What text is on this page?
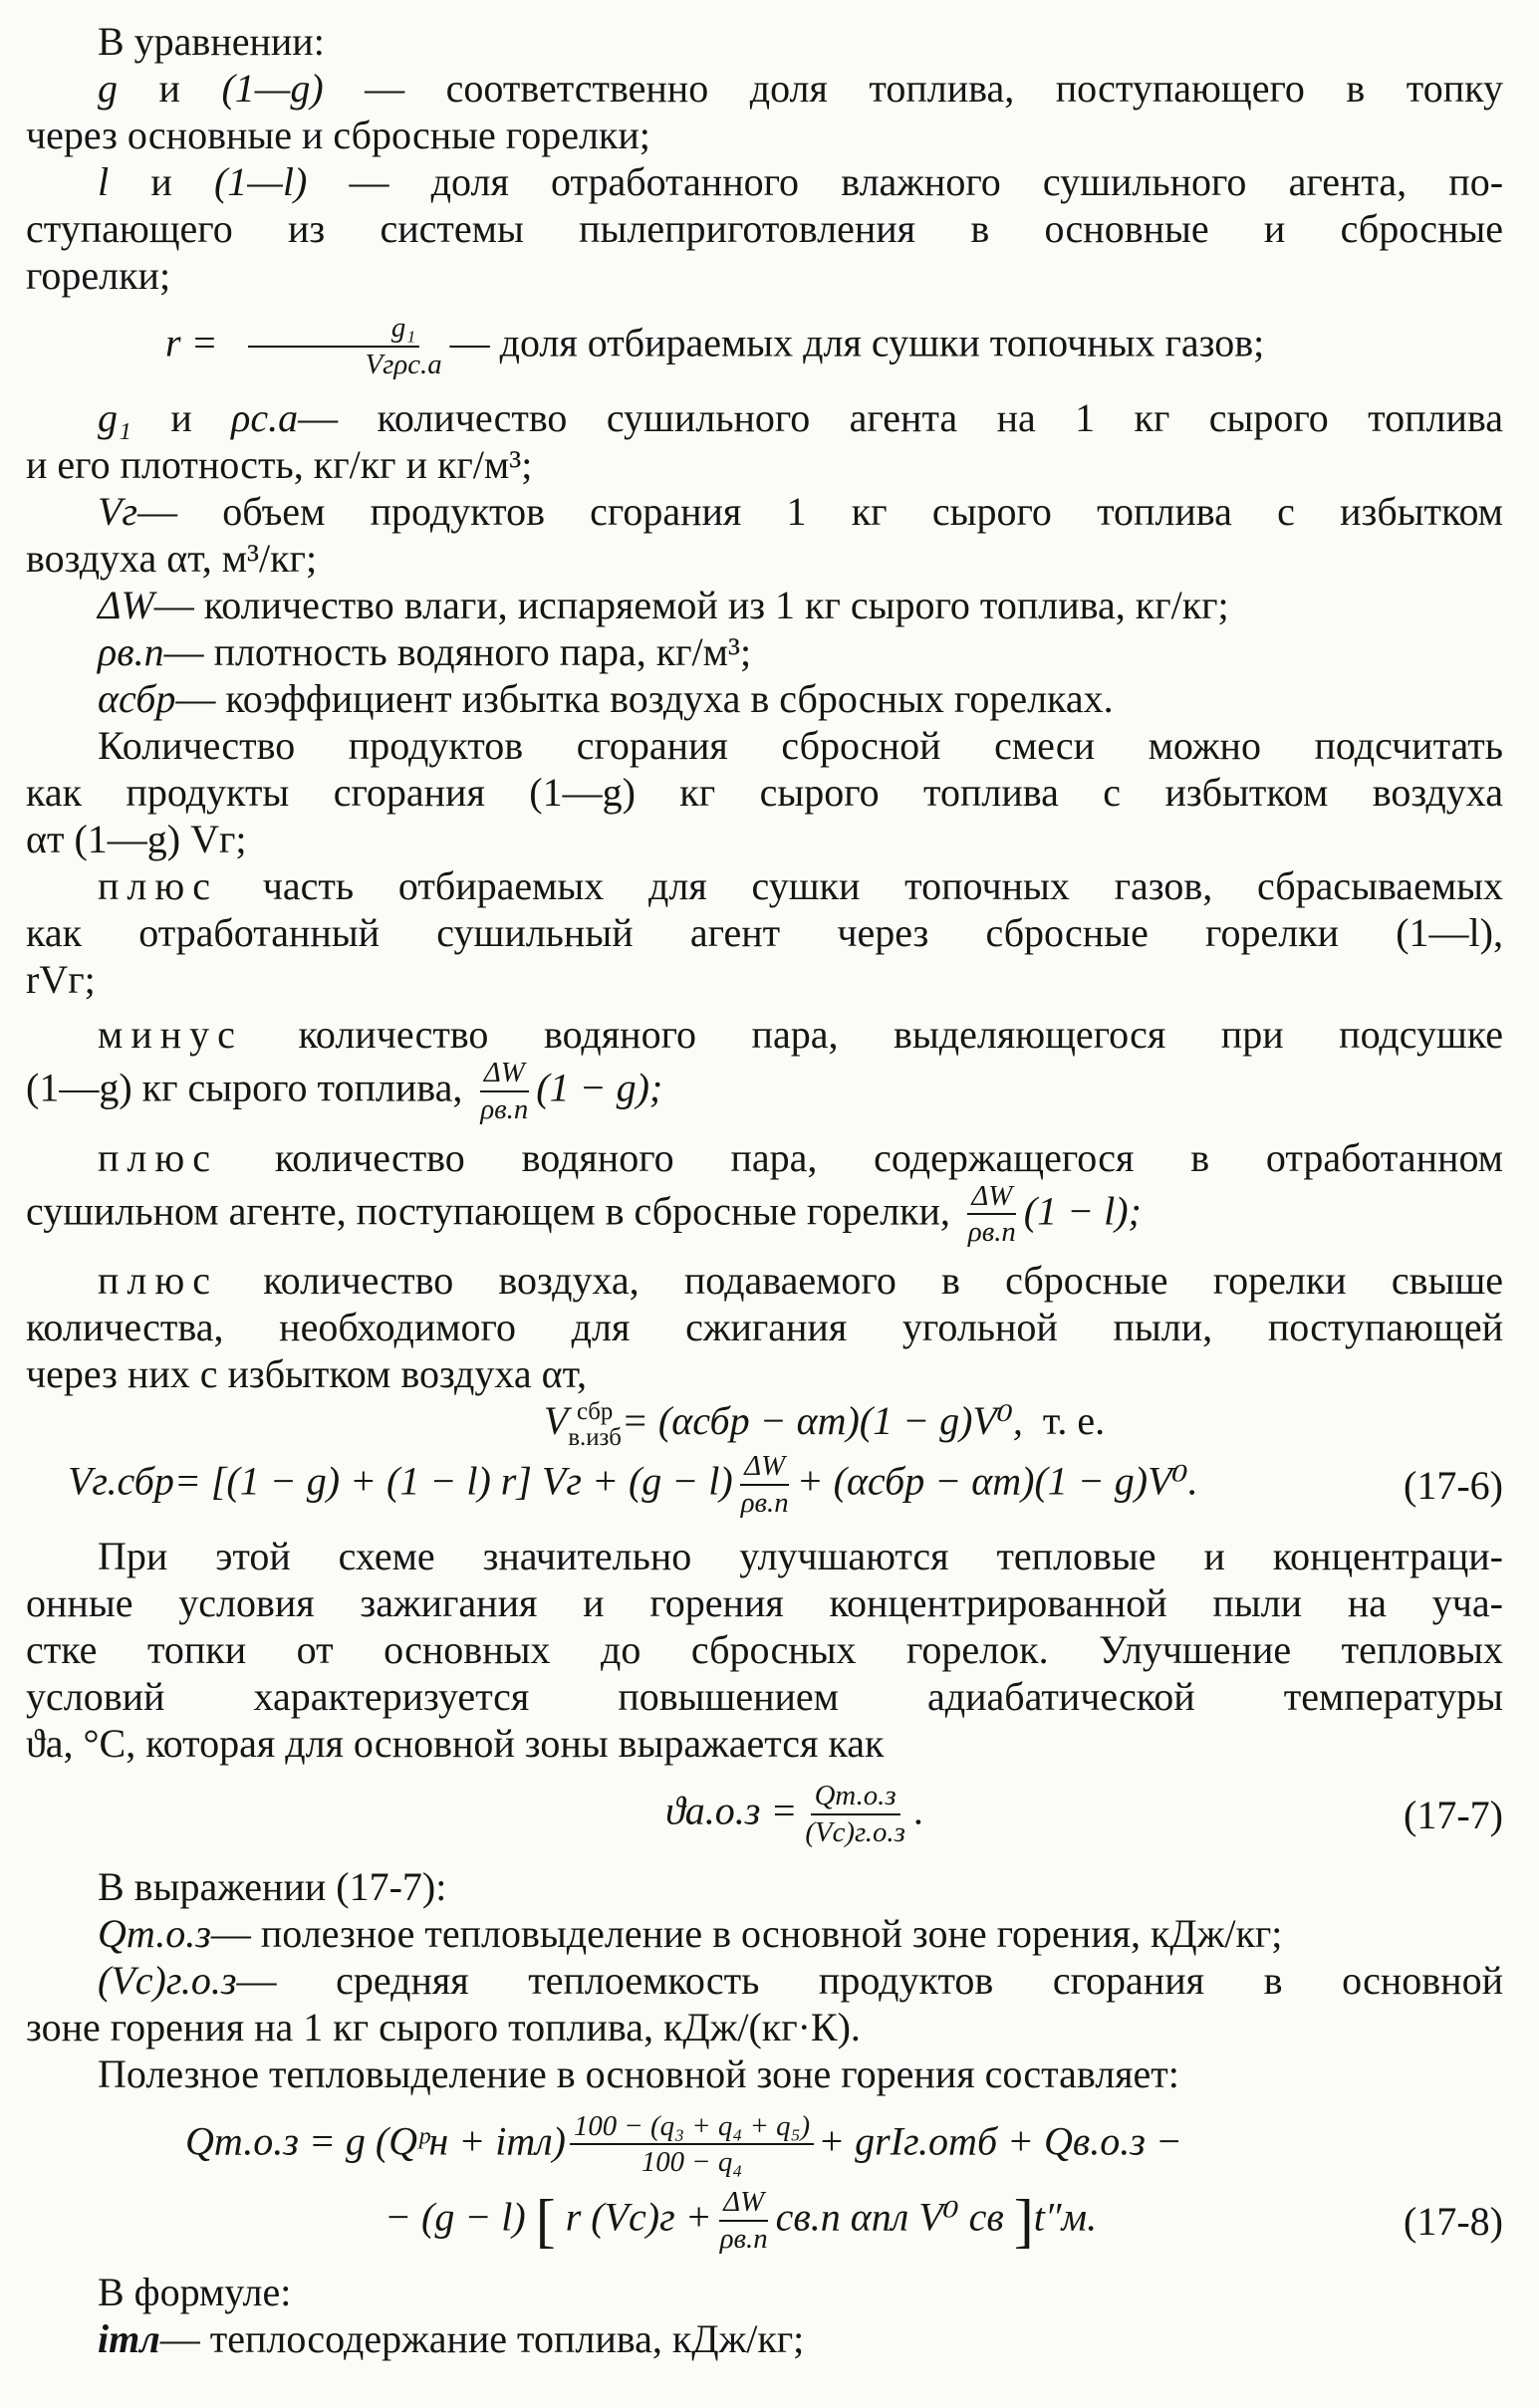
В уравнении:

g и (1—g) — соответственно доля топлива, поступающего в топку

через основные и сбросные горелки;

l и (1—l) — доля отработанного влажного сушильного агента, по-

ступающего из системы пылеприготовления в основные и сбросные

горелки;

$r = \frac{\text{g₁}}{\text{Vгρс.а}}$ — доля отбираемых для сушки топочных газов;

g₁ и ρс.а— количество сушильного агента на 1 кг сырого топлива

и его плотность, кг/кг и кг/м³;

Vг— объем продуктов сгорания 1 кг сырого топлива с избытком

воздуха αт, м³/кг;

ΔW— количество влаги, испаряемой из 1 кг сырого топлива, кг/кг;

ρв.п— плотность водяного пара, кг/м³;

αсбр— коэффициент избытка воздуха в сбросных горелках.

Количество продуктов сгорания сбросной смеси можно подсчитать

как продукты сгорания (1—g) кг сырого топлива с избытком воздуха

αт (1—g) Vг;

плюс часть отбираемых для сушки топочных газов, сбрасываемых

как отработанный сушильный агент через сбросные горелки (1—l),

rVг;

минус количество водяного пара, выделяющегося при подсушке

(1—g) кг сырого топлива, $\frac{\Delta W}{\rho в.п} (1 - g)$;

плюс количество водяного пара, содержащегося в отработанном

сушильном агенте, поступающем в сбросные горелки, $\frac{\Delta W}{\rho в.п} (1 - l)$;

плюс количество воздуха, подаваемого в сбросные горелки свыше

количества, необходимого для сжигания угольной пыли, поступающей

через них с избытком воздуха αт,

V сбр
в.изб = (αсбр − αт)(1 − g)V⁰, т. е.

Vг.сбр= [(1 − g) + (1 − l) r] Vг + $(g - l) \frac{\Delta W}{\rho в.п} + (\alpha сбр - \alpha т)(1 - g)V^0$.	(17-6)

При этой схеме значительно улучшаются тепловые и концентраци-

онные условия зажигания и горения концентрированной пыли на уча-

стке топки от основных до сбросных горелок. Улучшение тепловых

условий характеризуется повышением адиабатической температуры

ϑа, °С, которая для основной зоны выражается как

$ϑа.о.з = \frac{Qт.о.з}{(Vc)г.о.з}$ .	(17-7)

В выражении (17-7):

Qт.о.з— полезное тепловыделение в основной зоне горения, кДж/кг;

(Vc)г.о.з— средняя теплоемкость продуктов сгорания в основной

зоне горения на 1 кг сырого топлива, кДж/(кг·К).

Полезное тепловыделение в основной зоне горения составляет:

Qт.о.з = g (Qᵖн + $iтл) \frac{\text{100 − (q₃ + q₄ + q₅)}}{\text{100 − q₄}}$ + grIг.отб + Qв.о.з −
− (g − l) [ r $(Vc)г + \frac{\Delta W}{\rho в.п} cв.п$ αпл V⁰ cв ]t″м.	(17-8)

В формуле:

iтл— теплосодержание топлива, кДж/кг;
